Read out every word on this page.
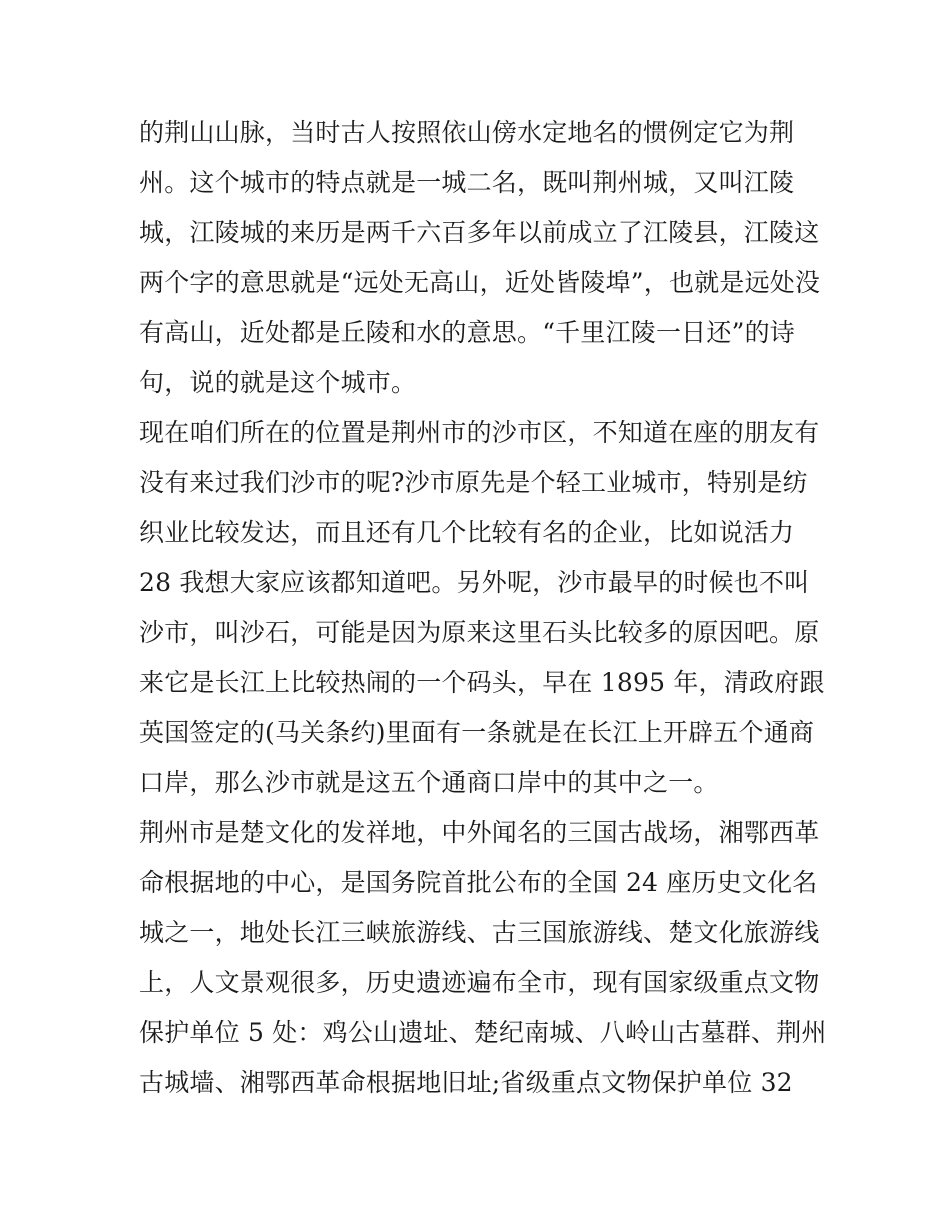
的荆山山脉，当时古人按照依山傍水定地名的惯例定它为荆
州。这个城市的特点就是一城二名，既叫荆州城，又叫江陵
城，江陵城的来历是两千六百多年以前成立了江陵县，江陵这
两个字的意思就是“远处无高山，近处皆陵埠”，也就是远处没
有高山，近处都是丘陵和水的意思。“千里江陵一日还”的诗
句，说的就是这个城市。
现在咱们所在的位置是荆州市的沙市区，不知道在座的朋友有
没有来过我们沙市的呢?沙市原先是个轻工业城市，特别是纺
织业比较发达，而且还有几个比较有名的企业，比如说活力
28 我想大家应该都知道吧。另外呢，沙市最早的时候也不叫
沙市，叫沙石，可能是因为原来这里石头比较多的原因吧。原
来它是长江上比较热闹的一个码头，早在 1895 年，清政府跟
英国签定的(马关条约)里面有一条就是在长江上开辟五个通商
口岸，那么沙市就是这五个通商口岸中的其中之一。
荆州市是楚文化的发祥地，中外闻名的三国古战场，湘鄂西革
命根据地的中心，是国务院首批公布的全国 24 座历史文化名
城之一，地处长江三峡旅游线、古三国旅游线、楚文化旅游线
上，人文景观很多，历史遗迹遍布全市，现有国家级重点文物
保护单位 5 处：鸡公山遗址、楚纪南城、八岭山古墓群、荆州
古城墙、湘鄂西革命根据地旧址;省级重点文物保护单位 32
